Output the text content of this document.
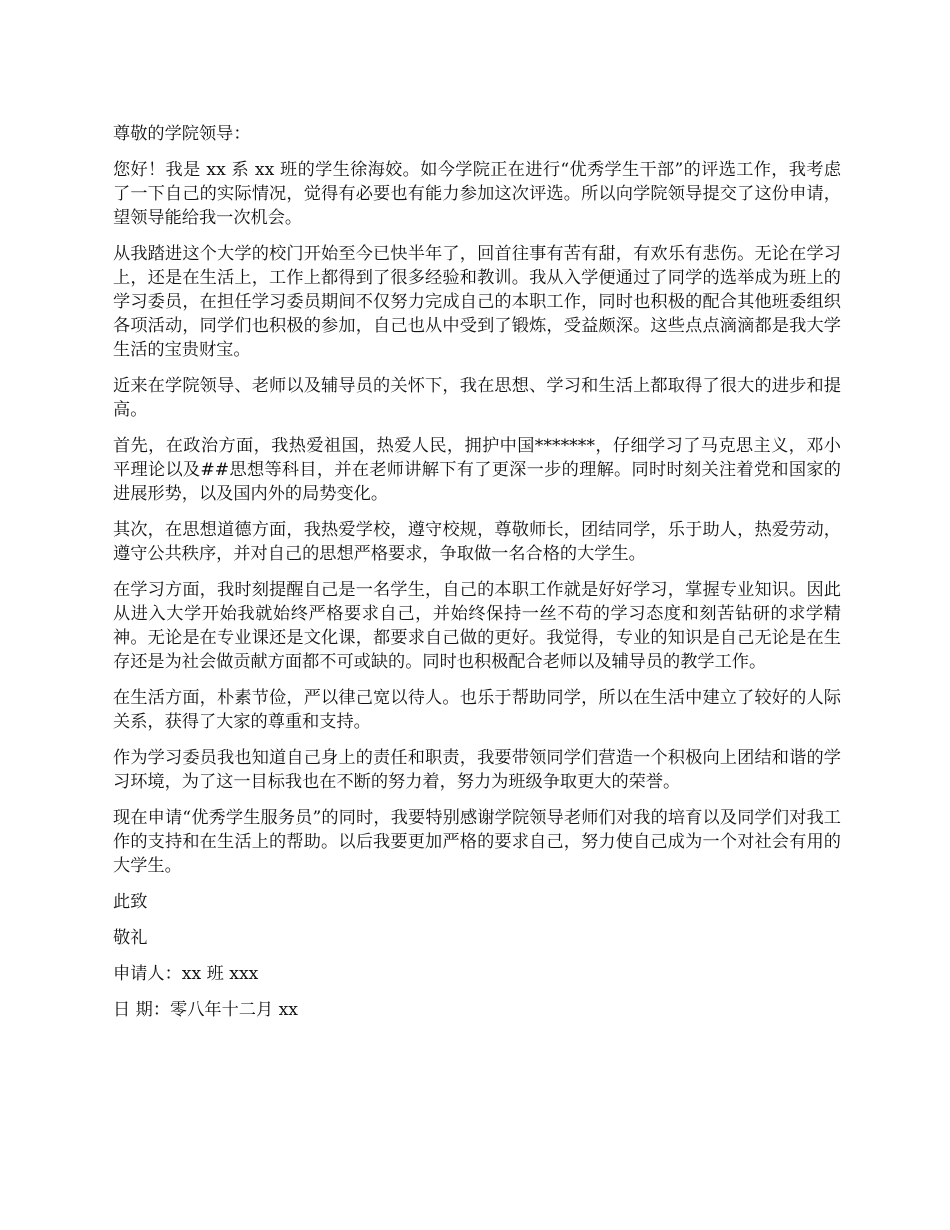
尊敬的学院领导：

您好！我是 xx 系 xx 班的学生徐海姣。如今学院正在进行“优秀学生干部”的评选工作，我考虑了一下自己的实际情况，觉得有必要也有能力参加这次评选。所以向学院领导提交了这份申请，望领导能给我一次机会。

从我踏进这个大学的校门开始至今已快半年了，回首往事有苦有甜，有欢乐有悲伤。无论在学习上，还是在生活上，工作上都得到了很多经验和教训。我从入学便通过了同学的选举成为班上的学习委员，在担任学习委员期间不仅努力完成自己的本职工作，同时也积极的配合其他班委组织各项活动，同学们也积极的参加，自己也从中受到了锻炼，受益颇深。这些点点滴滴都是我大学生活的宝贵财宝。

近来在学院领导、老师以及辅导员的关怀下，我在思想、学习和生活上都取得了很大的进步和提高。

首先，在政治方面，我热爱祖国，热爱人民，拥护中国*******，仔细学习了马克思主义，邓小平理论以及##思想等科目，并在老师讲解下有了更深一步的理解。同时时刻关注着党和国家的进展形势，以及国内外的局势变化。

其次，在思想道德方面，我热爱学校，遵守校规，尊敬师长，团结同学，乐于助人，热爱劳动，遵守公共秩序，并对自己的思想严格要求，争取做一名合格的大学生。

在学习方面，我时刻提醒自己是一名学生，自己的本职工作就是好好学习，掌握专业知识。因此从进入大学开始我就始终严格要求自己，并始终保持一丝不苟的学习态度和刻苦钻研的求学精神。无论是在专业课还是文化课，都要求自己做的更好。我觉得，专业的知识是自己无论是在生存还是为社会做贡献方面都不可或缺的。同时也积极配合老师以及辅导员的教学工作。

在生活方面，朴素节俭，严以律己宽以待人。也乐于帮助同学，所以在生活中建立了较好的人际关系，获得了大家的尊重和支持。

作为学习委员我也知道自己身上的责任和职责，我要带领同学们营造一个积极向上团结和谐的学习环境，为了这一目标我也在不断的努力着，努力为班级争取更大的荣誉。

现在申请“优秀学生服务员”的同时，我要特别感谢学院领导老师们对我的培育以及同学们对我工作的支持和在生活上的帮助。以后我要更加严格的要求自己，努力使自己成为一个对社会有用的大学生。

此致

敬礼

申请人：xx 班 xxx

日 期：零八年十二月 xx
